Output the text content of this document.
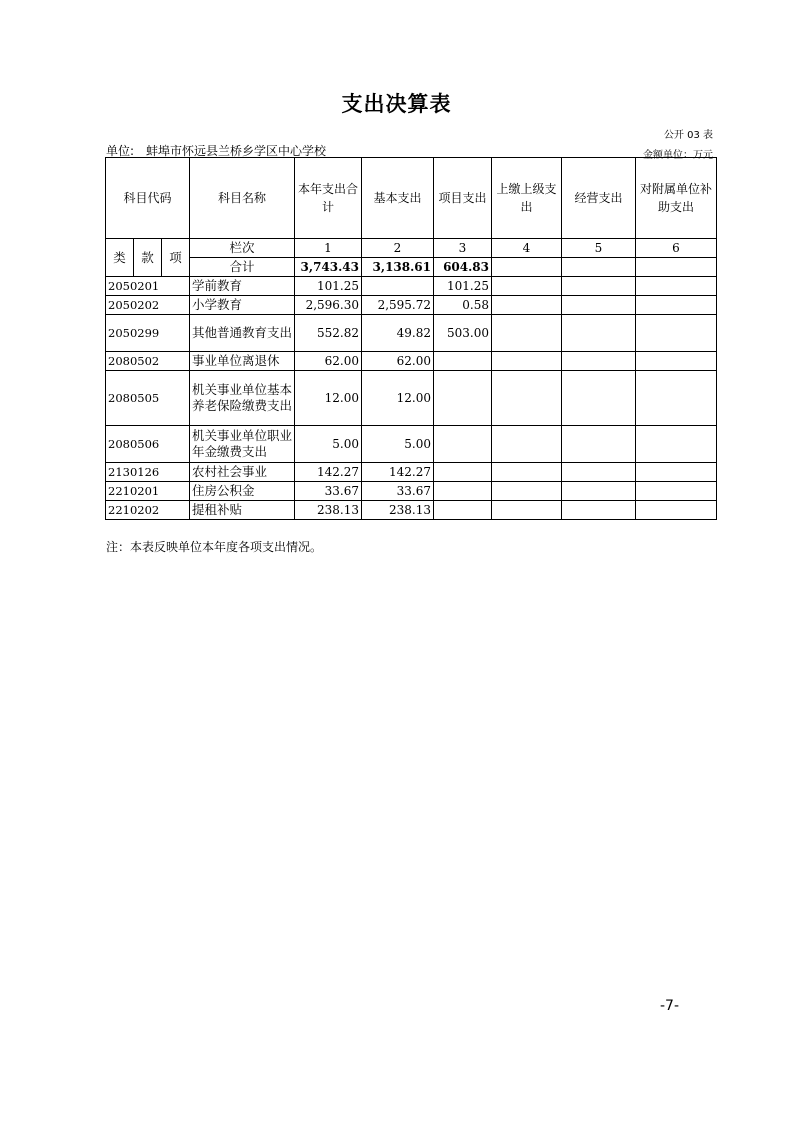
支出决算表
公开 03 表
单位: 蚌埠市怀远县兰桥乡学区中心学校	金额单位：万元
科目代码			科目名称	本年支出合计	基本支出	项目支出	上缴上级支出	经营支出	对附属单位补助支出
类	款	项	栏次	1	2	3	4	5	6
			合计	3,743.43	3,138.61	604.83			
2050201			学前教育	101.25		101.25			
2050202			小学教育	2,596.30	2,595.72	0.58			
2050299			其他普通教育支出	552.82	49.82	503.00			
2080502			事业单位离退休	62.00	62.00				
2080505			机关事业单位基本养老保险缴费支出	12.00	12.00				
2080506			机关事业单位职业年金缴费支出	5.00	5.00				
2130126			农村社会事业	142.27	142.27				
2210201			住房公积金	33.67	33.67				
2210202			提租补贴	238.13	238.13				
注：本表反映单位本年度各项支出情况。
-7-
